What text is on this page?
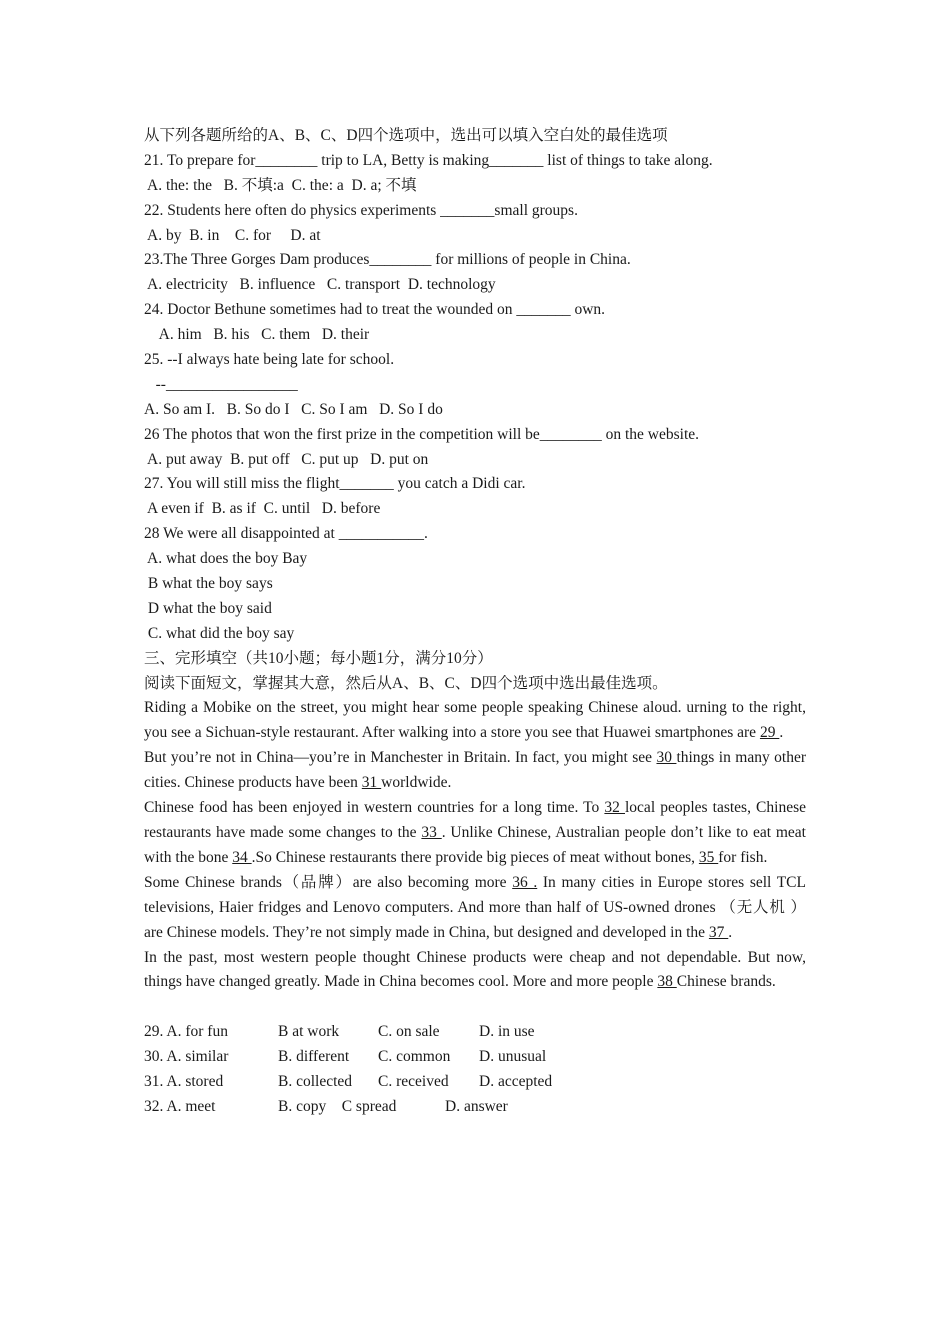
从下列各题所给的A、B、C、D四个选项中，选出可以填入空白处的最佳选项
21. To prepare for________ trip to LA, Betty is making_______ list of things to take along.
A. the: the   B. 不填:a  C. the: a  D. a; 不填
22. Students here often do physics experiments _______small groups.
A. by  B. in    C. for     D. at
23.The Three Gorges Dam produces________ for millions of people in China.
A. electricity   B. influence   C. transport  D. technology
24. Doctor Bethune sometimes had to treat the wounded on _______ own.
A. him   B. his   C. them   D. their
25. --I always hate being late for school.
--_________________
A. So am I.   B. So do I   C. So I am   D. So I do
26 The photos that won the first prize in the competition will be________ on the website.
A. put away  B. put off   C. put up   D. put on
27. You will still miss the flight_______ you catch a Didi car.
A even if  B. as if  C. until   D. before
28 We were all disappointed at ___________.
A. what does the boy Bay
B what the boy says
D what the boy said
C. what did the boy say
三、完形填空（共10小题；每小题1分，满分10分）
阅读下面短文，掌握其大意，然后从A、B、C、D四个选项中选出最佳选项。

Riding a Mobike on the street, you might hear some people speaking Chinese aloud. urning to the right, you see a Sichuan-style restaurant. After walking into a store you see that Huawei smartphones are 29 .

But you’re not in China—you’re in Manchester in Britain. In fact, you might see 30 things in many other cities. Chinese products have been 31 worldwide.

Chinese food has been enjoyed in western countries for a long time. To 32 local peoples tastes, Chinese restaurants have made some changes to the 33 . Unlike Chinese, Australian people don’t like to eat meat with the bone 34 .So Chinese restaurants there provide big pieces of meat without bones, 35 for fish.

Some Chinese brands（品牌）are also becoming more 36 . In many cities in Europe stores sell TCL televisions, Haier fridges and Lenovo computers. And more than half of US-owned drones （无人机 ） are Chinese models. They’re not simply made in China, but designed and developed in the 37 .

In the past, most western people thought Chinese products were cheap and not dependable. But now, things have changed greatly. Made in China becomes cool. More and more people 38 Chinese brands.

29. A. for fun	B at work	C. on sale	D. in use
30. A. similar	B. different	C. common	D. unusual
31. A. stored	B. collected	C. received	D. accepted
32. A. meet	B. copy    C spread	D. answer
